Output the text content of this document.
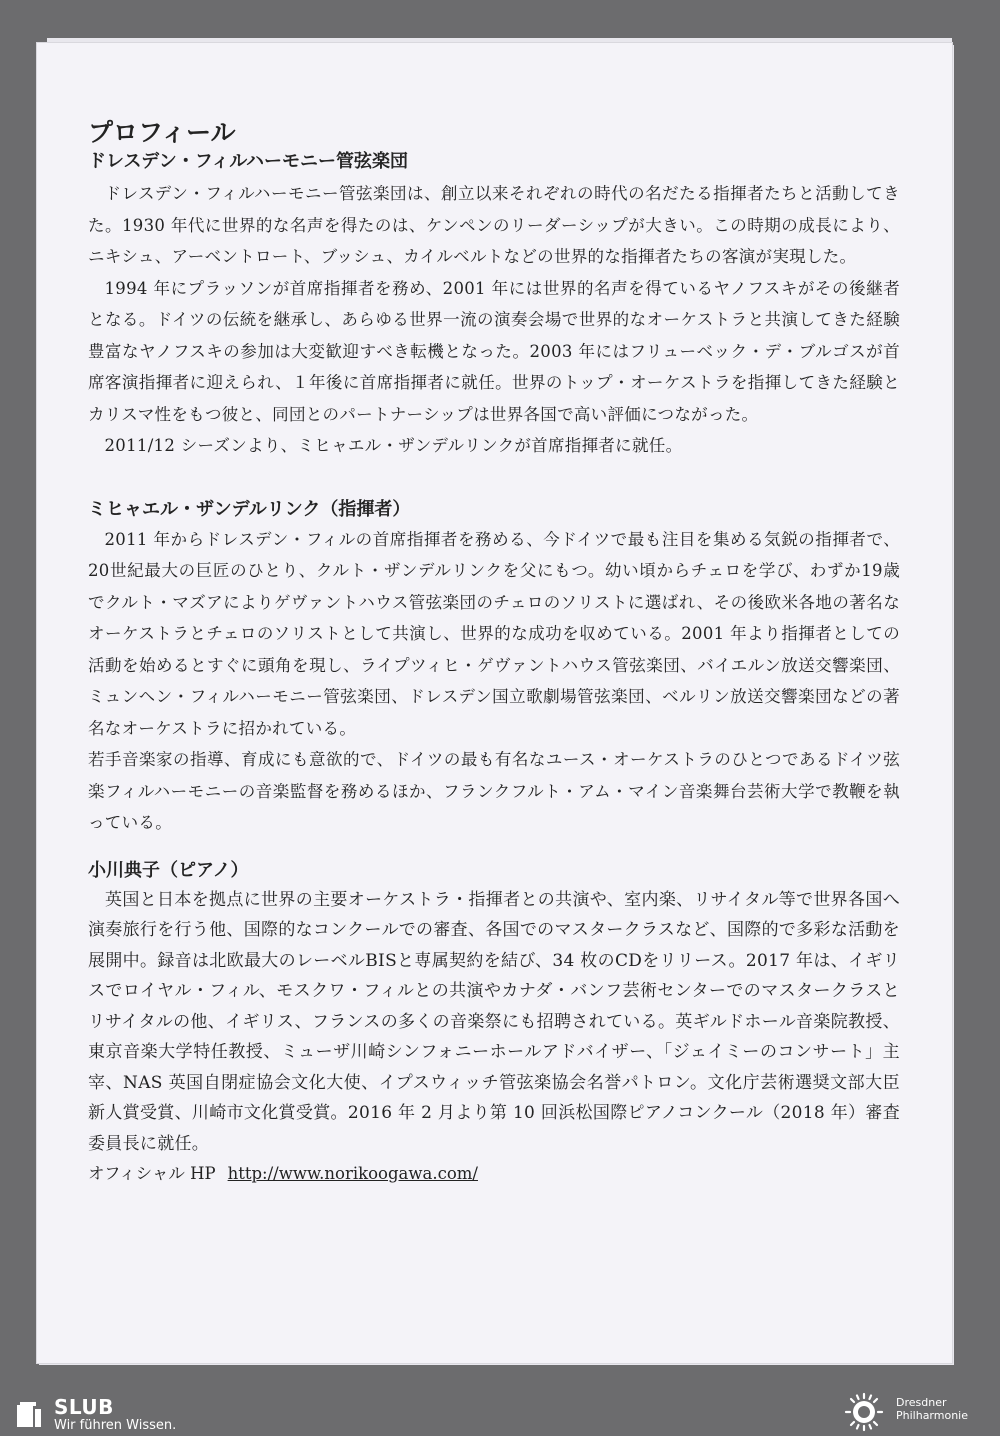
プロフィール
ドレスデン・フィルハーモニー管弦楽団

ドレスデン・フィルハーモニー管弦楽団は、創立以来それぞれの時代の名だたる指揮者たちと活動してきた。1930 年代に世界的な名声を得たのは、ケンペンのリーダーシップが大きい。この時期の成長により、ニキシュ、アーベントロート、ブッシュ、カイルベルトなどの世界的な指揮者たちの客演が実現した。

1994 年にプラッソンが首席指揮者を務め、2001 年には世界的名声を得ているヤノフスキがその後継者となる。ドイツの伝統を継承し、あらゆる世界一流の演奏会場で世界的なオーケストラと共演してきた経験豊富なヤノフスキの参加は大変歓迎すべき転機となった。2003 年にはフリューベック・デ・ブルゴスが首席客演指揮者に迎えられ、１年後に首席指揮者に就任。世界のトップ・オーケストラを指揮してきた経験とカリスマ性をもつ彼と、同団とのパートナーシップは世界各国で高い評価につながった。

2011/12 シーズンより、ミヒャエル・ザンデルリンクが首席指揮者に就任。

ミヒャエル・ザンデルリンク（指揮者）

2011 年からドレスデン・フィルの首席指揮者を務める、今ドイツで最も注目を集める気鋭の指揮者で、20世紀最大の巨匠のひとり、クルト・ザンデルリンクを父にもつ。幼い頃からチェロを学び、わずか19歳でクルト・マズアによりゲヴァントハウス管弦楽団のチェロのソリストに選ばれ、その後欧米各地の著名なオーケストラとチェロのソリストとして共演し、世界的な成功を収めている。2001 年より指揮者としての活動を始めるとすぐに頭角を現し、ライプツィヒ・ゲヴァントハウス管弦楽団、バイエルン放送交響楽団、ミュンヘン・フィルハーモニー管弦楽団、ドレスデン国立歌劇場管弦楽団、ベルリン放送交響楽団などの著名なオーケストラに招かれている。

若手音楽家の指導、育成にも意欲的で、ドイツの最も有名なユース・オーケストラのひとつであるドイツ弦楽フィルハーモニーの音楽監督を務めるほか、フランクフルト・アム・マイン音楽舞台芸術大学で教鞭を執っている。

小川典子（ピアノ）

英国と日本を拠点に世界の主要オーケストラ・指揮者との共演や、室内楽、リサイタル等で世界各国へ演奏旅行を行う他、国際的なコンクールでの審査、各国でのマスタークラスなど、国際的で多彩な活動を展開中。録音は北欧最大のレーベルBISと専属契約を結び、34 枚のCDをリリース。2017 年は、イギリスでロイヤル・フィル、モスクワ・フィルとの共演やカナダ・バンフ芸術センターでのマスタークラスとリサイタルの他、イギリス、フランスの多くの音楽祭にも招聘されている。英ギルドホール音楽院教授、東京音楽大学特任教授、ミューザ川崎シンフォニーホールアドバイザー、「ジェイミーのコンサート」主宰、NAS 英国自閉症協会文化大使、イプスウィッチ管弦楽協会名誉パトロン。文化庁芸術選奨文部大臣新人賞受賞、川崎市文化賞受賞。2016 年 2 月より第 10 回浜松国際ピアノコンクール（2018 年）審査委員長に就任。

オフィシャル HP http://www.norikoogawa.com/
SLUB
Wir führen Wissen.
Dresdner
Philharmonie
